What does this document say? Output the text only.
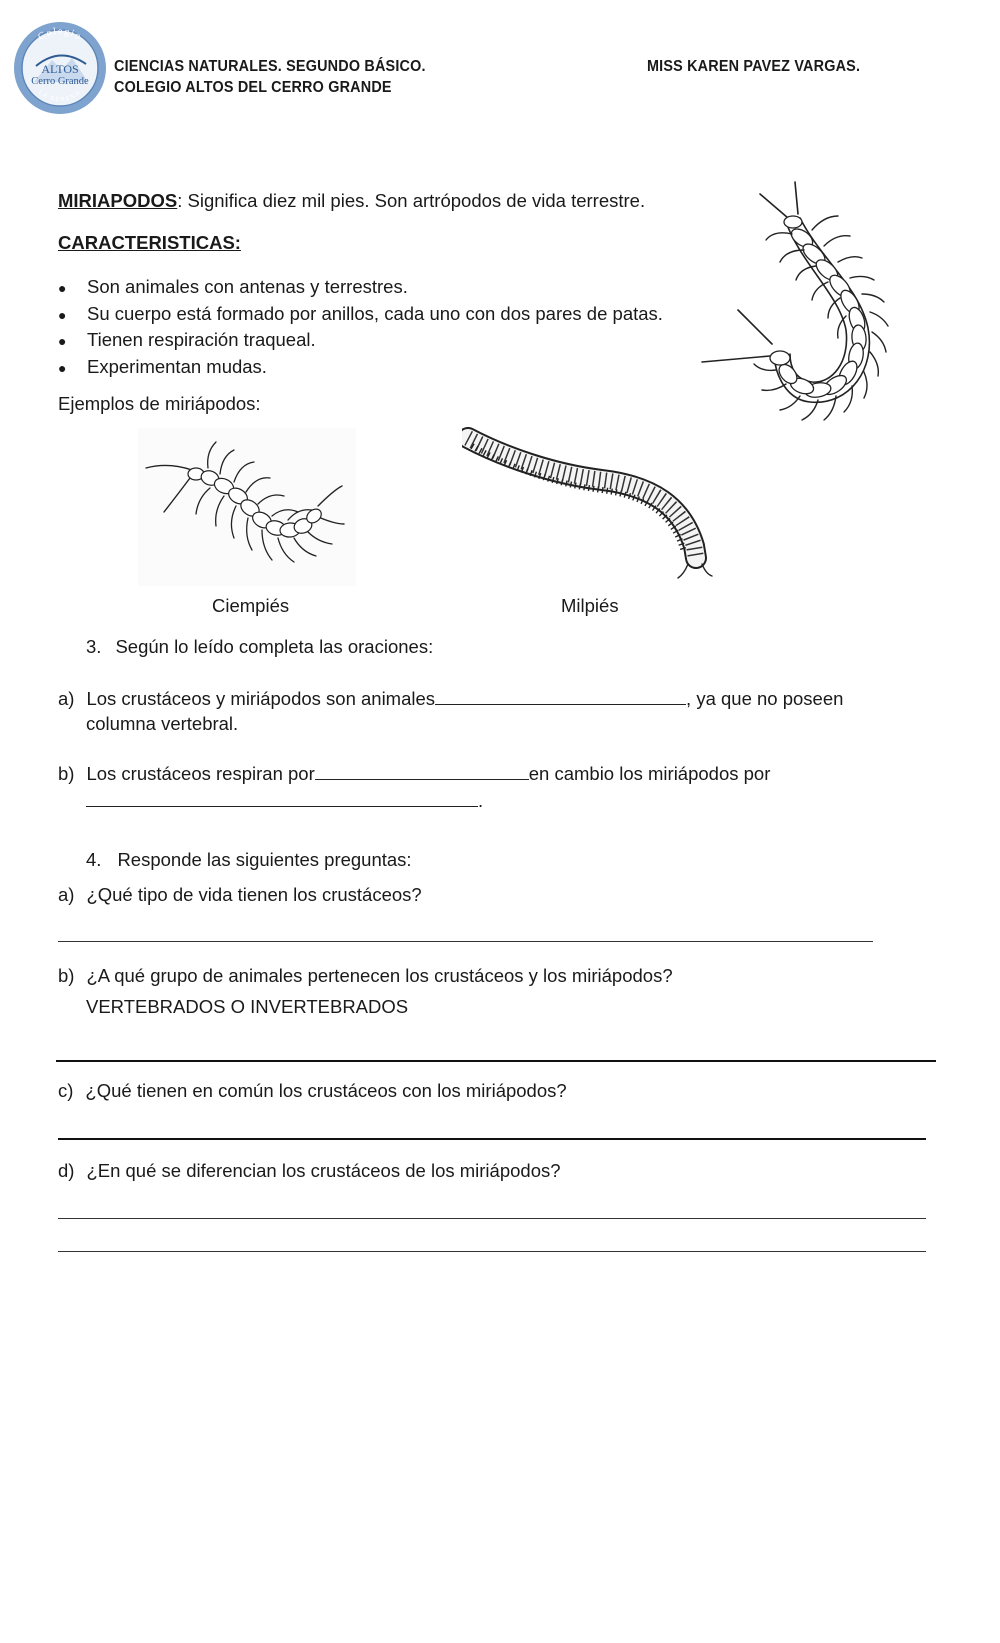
Colegio
LA SERENA
ALTOS
Cerro Grande
CIENCIAS NATURALES. SEGUNDO BÁSICO.
COLEGIO ALTOS DEL CERRO GRANDE
MISS KAREN PAVEZ VARGAS.
MIRIAPODOS: Significa diez mil pies. Son artrópodos de vida terrestre.
CARACTERISTICAS:
●	Son animales con antenas y terrestres.
●	Su cuerpo está formado por anillos, cada uno con dos pares de patas.
●	Tienen respiración traqueal.
●	Experimentan mudas.
Ejemplos de miriápodos:
Ciempiés	Milpiés
3. Según lo leído completa las oraciones:
a) Los crustáceos y miriápodos son animales	, ya que no poseen
columna vertebral.
b) Los crustáceos respiran por	en cambio los miriápodos por
.
4. Responde las siguientes preguntas:
a) ¿Qué tipo de vida tienen los crustáceos?
b) ¿A qué grupo de animales pertenecen los crustáceos y los miriápodos?
VERTEBRADOS O INVERTEBRADOS
c) ¿Qué tienen en común los crustáceos con los miriápodos?
d) ¿En qué se diferencian los crustáceos de los miriápodos?
